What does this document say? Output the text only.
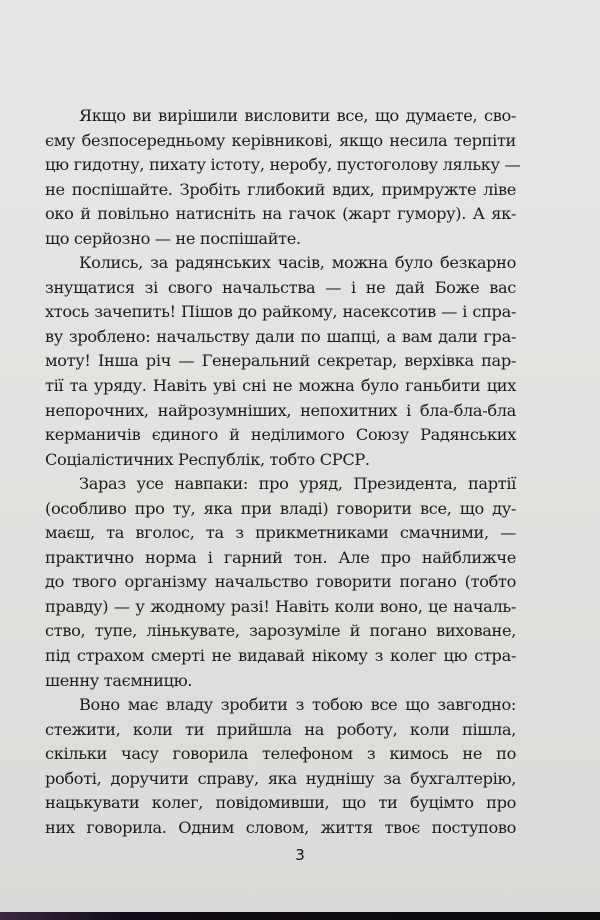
Якщо ви вирішили висловити все, що думаєте, сво-
єму безпосередньому керівникові, якщо несила терпіти
цю гидотну, пихату істоту, неробу, пустоголову ляльку —
не поспішайте. Зробіть глибокий вдих, примружте ліве
око й повільно натисніть на гачок (жарт гумору). А як-
що серйозно — не поспішайте.
Колись, за радянських часів, можна було безкарно
знущатися зі свого начальства — і не дай Боже вас
хтось зачепить! Пішов до райкому, насексотив — і спра-
ву зроблено: начальству дали по шапці, а вам дали гра-
моту! Інша річ — Генеральний секретар, верхівка пар-
тії та уряду. Навіть уві сні не можна було ганьбити цих
непорочних, найрозумніших, непохитних і бла-бла-бла
керманичів єдиного й неділимого Союзу Радянських
Соціалістичних Республік, тобто СРСР.
Зараз усе навпаки: про уряд, Президента, партії
(особливо про ту, яка при владі) говорити все, що ду-
маєш, та вголос, та з прикметниками смачними, —
практично норма і гарний тон. Але про найближче
до твого організму начальство говорити погано (тобто
правду) — у жодному разі! Навіть коли воно, це началь-
ство, тупе, лінькувате, зарозуміле й погано виховане,
під страхом смерті не видавай нікому з колег цю стра-
шенну таємницю.
Воно має владу зробити з тобою все що завгодно:
стежити, коли ти прийшла на роботу, коли пішла,
скільки часу говорила телефоном з кимось не по
роботі, доручити справу, яка нуднішу за бухгалтерію,
нацькувати колег, повідомивши, що ти буцімто про
них говорила. Одним словом, життя твоє поступово
3
